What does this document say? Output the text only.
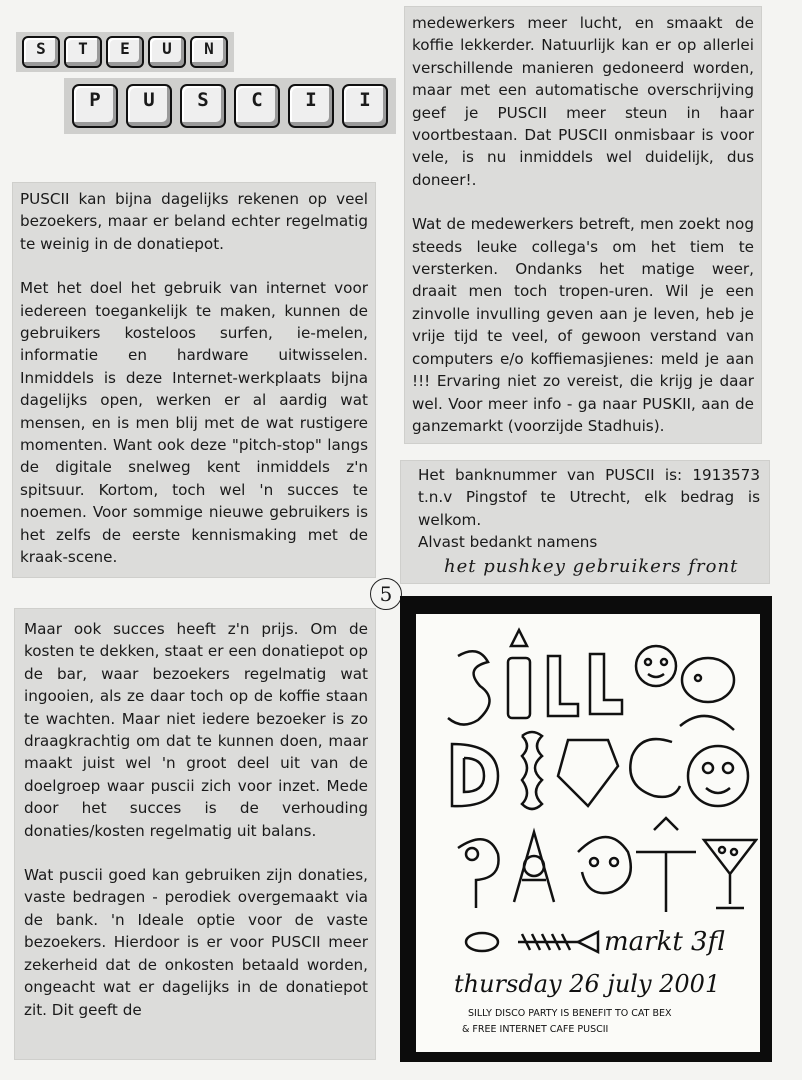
S	T	E	U	N
P	U	S	C	I	I

PUSCII kan bijna dagelijks rekenen op veel bezoekers, maar er beland echter regelmatig te weinig in de donatiepot.

Met het doel het gebruik van internet voor iedereen toegankelijk te maken, kunnen de gebruikers kosteloos surfen, ie-melen, informatie en hardware uitwisselen. Inmiddels is deze Internet-werkplaats bijna dagelijks open, werken er al aardig wat mensen, en is men blij met de wat rustigere momenten. Want ook deze "pitch-stop" langs de digitale snelweg kent inmiddels z'n spitsuur. Kortom, toch wel 'n succes te noemen. Voor sommige nieuwe gebruikers is het zelfs de eerste kennismaking met de kraak-scene.

5

Maar ook succes heeft z'n prijs. Om de kosten te dekken, staat er een donatiepot op de bar, waar bezoekers regelmatig wat ingooien, als ze daar toch op de koffie staan te wachten. Maar niet iedere bezoeker is zo draagkrachtig om dat te kunnen doen, maar maakt juist wel 'n groot deel uit van de doelgroep waar puscii zich voor inzet. Mede door het succes is de verhouding donaties/kosten regelmatig uit balans.

Wat puscii goed kan gebruiken zijn donaties, vaste bedragen - perodiek overgemaakt via de bank. 'n Ideale optie voor de vaste bezoekers. Hierdoor is er voor PUSCII meer zekerheid dat de onkosten betaald worden, ongeacht wat er dagelijks in de donatiepot zit. Dit geeft de

medewerkers meer lucht, en smaakt de koffie lekkerder. Natuurlijk kan er op allerlei verschillende manieren gedoneerd worden, maar met een automatische overschrijving geef je PUSCII meer steun in haar voortbestaan. Dat PUSCII onmisbaar is voor vele, is nu inmiddels wel duidelijk, dus doneer!.

Wat de medewerkers betreft, men zoekt nog steeds leuke collega's om het tiem te versterken. Ondanks het matige weer, draait men toch tropen-uren. Wil je een zinvolle invulling geven aan je leven, heb je vrije tijd te veel, of gewoon verstand van computers e/o koffiemasjienes: meld je aan !!! Ervaring niet zo vereist, die krijg je daar wel. Voor meer info - ga naar PUSKII, aan de ganzemarkt (voorzijde Stadhuis).

Het banknummer van PUSCII is: 1913573 t.n.v Pingstof te Utrecht, elk bedrag is welkom.
Alvast bedankt namens
het pushkey gebruikers front
markt 3fl
thursday 26 july 2001
SILLY DISCO PARTY IS BENEFIT TO CAT BEX
& FREE INTERNET CAFE PUSCII
